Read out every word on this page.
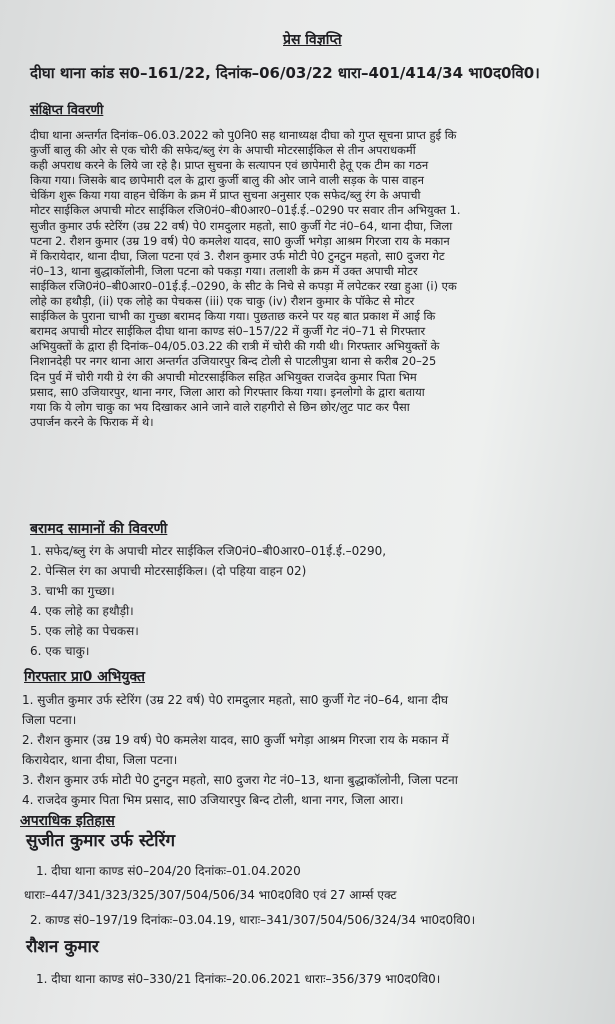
प्रेस विज्ञप्ति
दीघा थाना कांड स0–161/22, दिनांक–06/03/22 धारा–401/414/34 भा0द0वि0।
संक्षिप्त विवरणी
दीघा थाना अन्तर्गत दिनांक–06.03.2022 को पु0नि0 सह थानाध्यक्ष दीघा को गुप्त सूचना प्राप्त हुई कि
कुर्जी बालु की ओर से एक चोरी की सफेद/ब्लु रंग के अपाची मोटरसाईकिल से तीन अपराधकर्मी
कही अपराध करने के लिये जा रहे है। प्राप्त सुचना के सत्यापन एवं छापेमारी हेतू एक टीम का गठन
किया गया। जिसके बाद छापेमारी दल के द्वारा कुर्जी बालु की ओर जाने वाली सड़क के पास वाहन
चेकिंग शुरू किया गया वाहन चेकिंग के क्रम में प्राप्त सुचना अनुसार एक सफेद/ब्लु रंग के अपाची
मोटर साईकिल अपाची मोटर साईकिल रजि0नं0–बी0आर0–01ई.ई.–0290 पर सवार तीन अभियुक्त 1.
सुजीत कुमार उर्फ स्टेरिंग (उम्र 22 वर्ष) पे0 रामदुलार महतो, सा0 कुर्जी गेट नं0–64, थाना दीघा, जिला
पटना 2. रौशन कुमार (उम्र 19 वर्ष) पे0 कमलेश यादव, सा0 कुर्जी भगेड़ा आश्रम गिरजा राय के मकान
में किरायेदार, थाना दीघा, जिला पटना एवं 3. रौशन कुमार उर्फ मोटी पे0 टुनटुन महतो, सा0 दुजरा गेट
नं0–13, थाना बुद्धाकॉलोनी, जिला पटना को पकड़ा गया। तलाशी के क्रम में उक्त अपाची मोटर
साईकिल रजि0नं0–बी0आर0–01ई.ई.–0290, के सीट के निचे से कपड़ा में लपेटकर रखा हुआ (i) एक
लोहे का हथौड़ी, (ii) एक लोहे का पेचकस (iii) एक चाकु (iv) रौशन कुमार के पॉकेट से मोटर
साईकिल के पुराना चाभी का गुच्छा बरामद किया गया। पुछताछ करने पर यह बात प्रकाश में आई कि
बरामद अपाची मोटर साईकिल दीघा थाना काण्ड सं0–157/22 में कुर्जी गेट नं0–71 से गिरफ्तार
अभियुक्तों के द्वारा ही दिनांक–04/05.03.22 की रात्री में चोरी की गयी थी। गिरफ्तार अभियुक्तों के
निशानदेही पर नगर थाना आरा अन्तर्गत उजियारपुर बिन्द टोली से पाटलीपुत्रा थाना से करीब 20–25
दिन पुर्व में चोरी गयी ग्रे रंग की अपाची मोटरसाईकिल सहित अभियुक्त राजदेव कुमार पिता भिम
प्रसाद, सा0 उजियारपुर, थाना नगर, जिला आरा को गिरफ्तार किया गया। इनलोगो के द्वारा बताया
गया कि ये लोग चाकु का भय दिखाकर आने जाने वाले राहगीरो से छिन छोर/लुट पाट कर पैसा
उपार्जन करने के फिराक में थे।
बरामद सामानों की विवरणी
1. सफेद/ब्लु रंग के अपाची मोटर साईकिल रजि0नं0–बी0आर0–01ई.ई.–0290,
2. पेन्सिल रंग का अपाची मोटरसाईकिल। (दो पहिया वाहन 02)
3. चाभी का गुच्छा।
4. एक लोहे का हथौड़ी।
5. एक लोहे का पेचकस।
6. एक चाकु।
गिरफ्तार प्रा0 अभियुक्त
1. सुजीत कुमार उर्फ स्टेरिंग (उम्र 22 वर्ष) पे0 रामदुलार महतो, सा0 कुर्जी गेट नं0–64, थाना दीघ
जिला पटना।
2. रौशन कुमार (उम्र 19 वर्ष) पे0 कमलेश यादव, सा0 कुर्जी भगेड़ा आश्रम गिरजा राय के मकान में
किरायेदार, थाना दीघा, जिला पटना।
3. रौशन कुमार उर्फ मोटी पे0 टुनटुन महतो, सा0 दुजरा गेट नं0–13, थाना बुद्धाकॉलोनी, जिला पटना
4. राजदेव कुमार पिता भिम प्रसाद, सा0 उजियारपुर बिन्द टोली, थाना नगर, जिला आरा।
अपराधिक इतिहास
सुजीत कुमार उर्फ स्टेरिंग
1. दीघा थाना काण्ड सं0–204/20 दिनांकः–01.04.2020
धाराः–447/341/323/325/307/504/506/34 भा0द0वि0 एवं 27 आर्म्स एक्ट
2. काण्ड सं0–197/19 दिनांकः–03.04.19, धाराः–341/307/504/506/324/34 भा0द0वि0।
रौशन कुमार
1. दीघा थाना काण्ड सं0–330/21 दिनांकः–20.06.2021 धाराः–356/379 भा0द0वि0।
